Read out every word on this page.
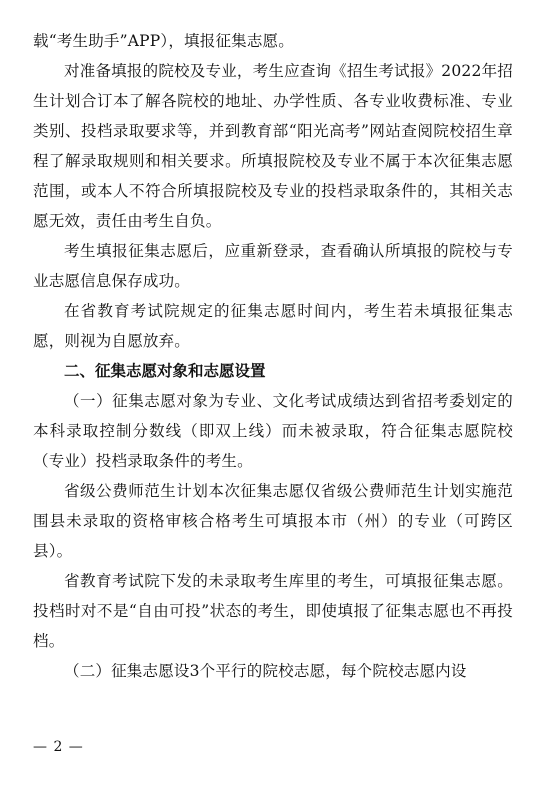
载“考生助手”APP），填报征集志愿。

对准备填报的院校及专业，考生应查询《招生考试报》2022年招生计划合订本了解各院校的地址、办学性质、各专业收费标准、专业类别、投档录取要求等，并到教育部“阳光高考”网站查阅院校招生章程了解录取规则和相关要求。所填报院校及专业不属于本次征集志愿范围，或本人不符合所填报院校及专业的投档录取条件的，其相关志愿无效，责任由考生自负。

考生填报征集志愿后，应重新登录，查看确认所填报的院校与专业志愿信息保存成功。

在省教育考试院规定的征集志愿时间内，考生若未填报征集志愿，则视为自愿放弃。

二、征集志愿对象和志愿设置

（一）征集志愿对象为专业、文化考试成绩达到省招考委划定的本科录取控制分数线（即双上线）而未被录取，符合征集志愿院校（专业）投档录取条件的考生。

省级公费师范生计划本次征集志愿仅省级公费师范生计划实施范围县未录取的资格审核合格考生可填报本市（州）的专业（可跨区县）。

省教育考试院下发的未录取考生库里的考生，可填报征集志愿。投档时对不是“自由可投”状态的考生，即使填报了征集志愿也不再投档。

（二）征集志愿设3个平行的院校志愿，每个院校志愿内设

— 2 —
